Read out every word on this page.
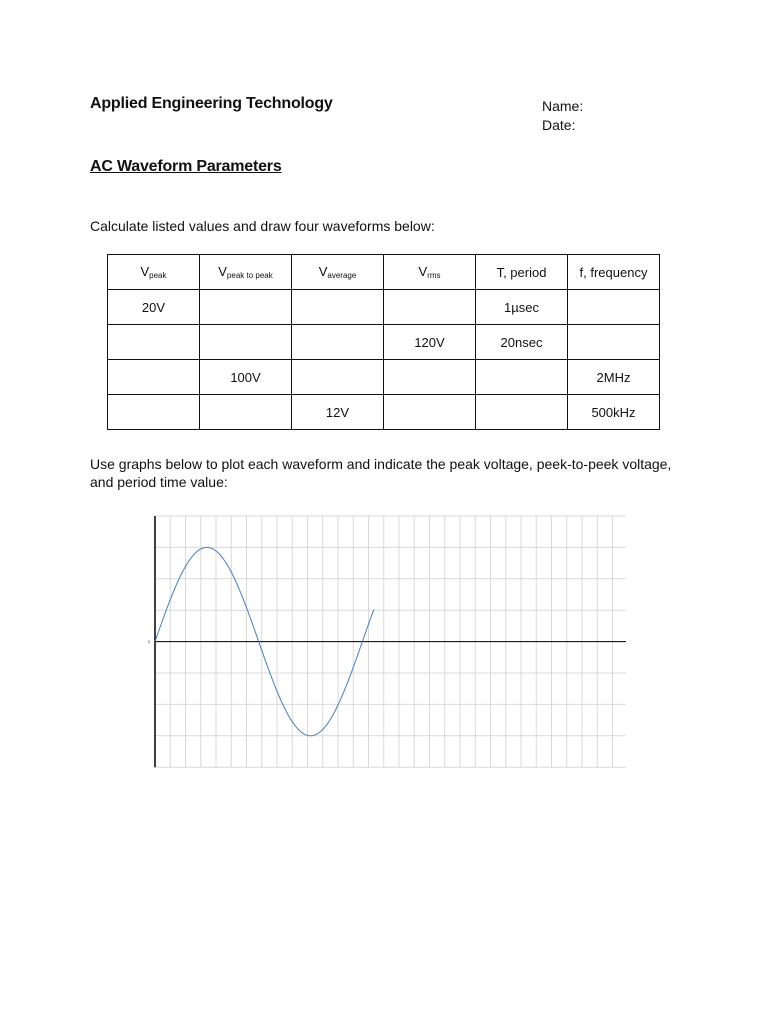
Applied Engineering Technology	Name:
Date:
AC Waveform Parameters
Calculate listed values and draw four waveforms below:
$V_{peak}$	$V_{peak to peak}$	$V_{average}$	$V_{rms}$	T, period	f, frequency
20V				1µsec	
			120V	20nsec	
	100V				2MHz
		12V			500kHz
Use graphs below to plot each waveform and indicate the peak voltage, peek-to-peek voltage, and period time value:
0
